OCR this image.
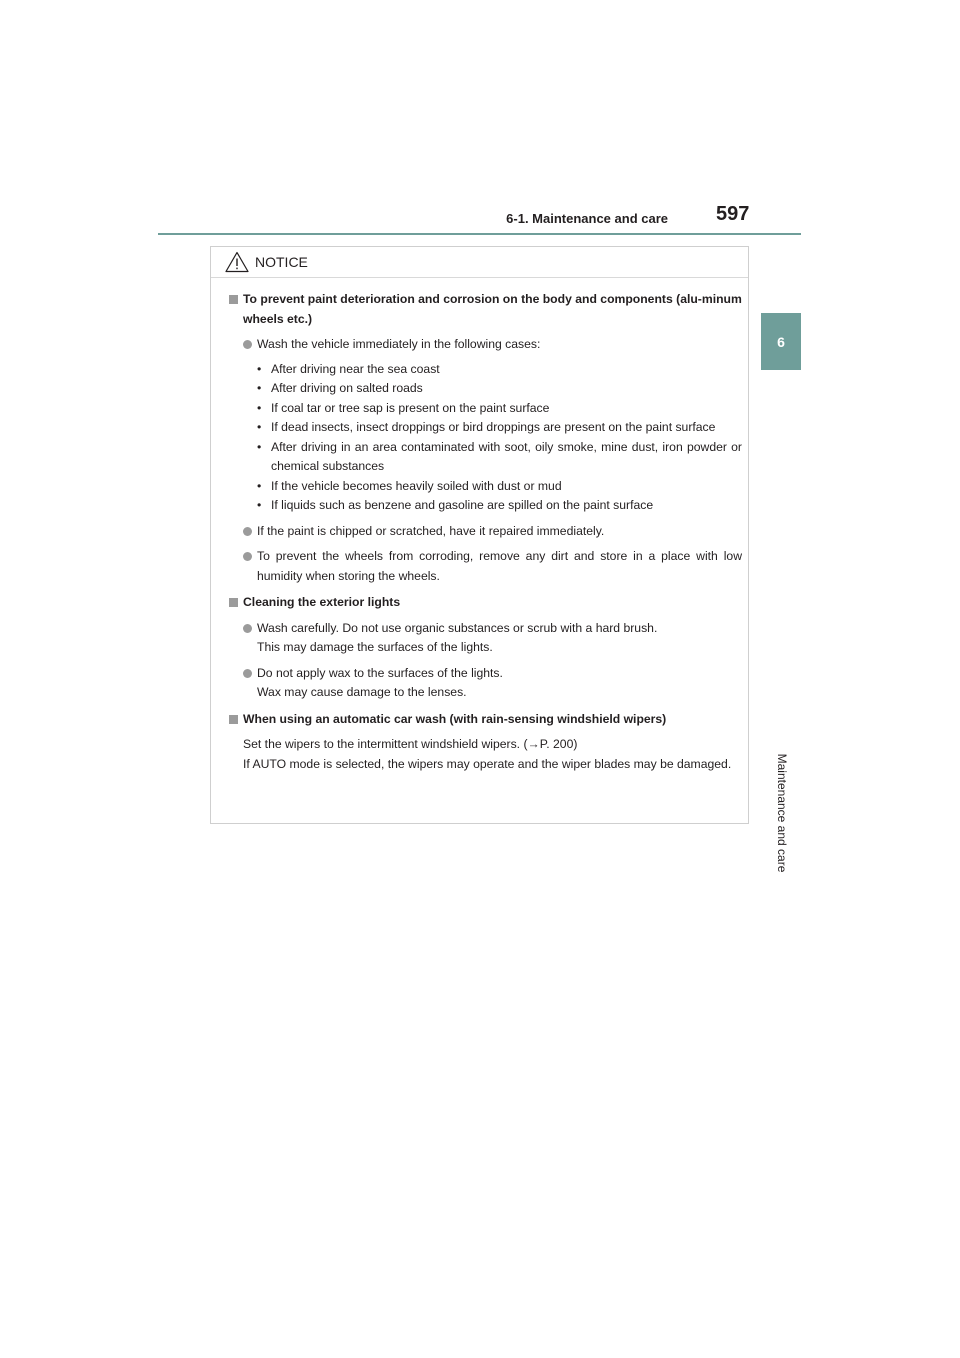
6-1. Maintenance and care 597
6
Maintenance and care
NOTICE
To prevent paint deterioration and corrosion on the body and components (alu-minum wheels etc.)
Wash the vehicle immediately in the following cases:
• After driving near the sea coast
• After driving on salted roads
• If coal tar or tree sap is present on the paint surface
• If dead insects, insect droppings or bird droppings are present on the paint surface
• After driving in an area contaminated with soot, oily smoke, mine dust, iron powder or chemical substances
• If the vehicle becomes heavily soiled with dust or mud
• If liquids such as benzene and gasoline are spilled on the paint surface
If the paint is chipped or scratched, have it repaired immediately.
To prevent the wheels from corroding, remove any dirt and store in a place with low humidity when storing the wheels.
Cleaning the exterior lights
Wash carefully. Do not use organic substances or scrub with a hard brush.
This may damage the surfaces of the lights.
Do not apply wax to the surfaces of the lights.
Wax may cause damage to the lenses.
When using an automatic car wash (with rain-sensing windshield wipers)
Set the wipers to the intermittent windshield wipers. (→P. 200)
If AUTO mode is selected, the wipers may operate and the wiper blades may be damaged.
